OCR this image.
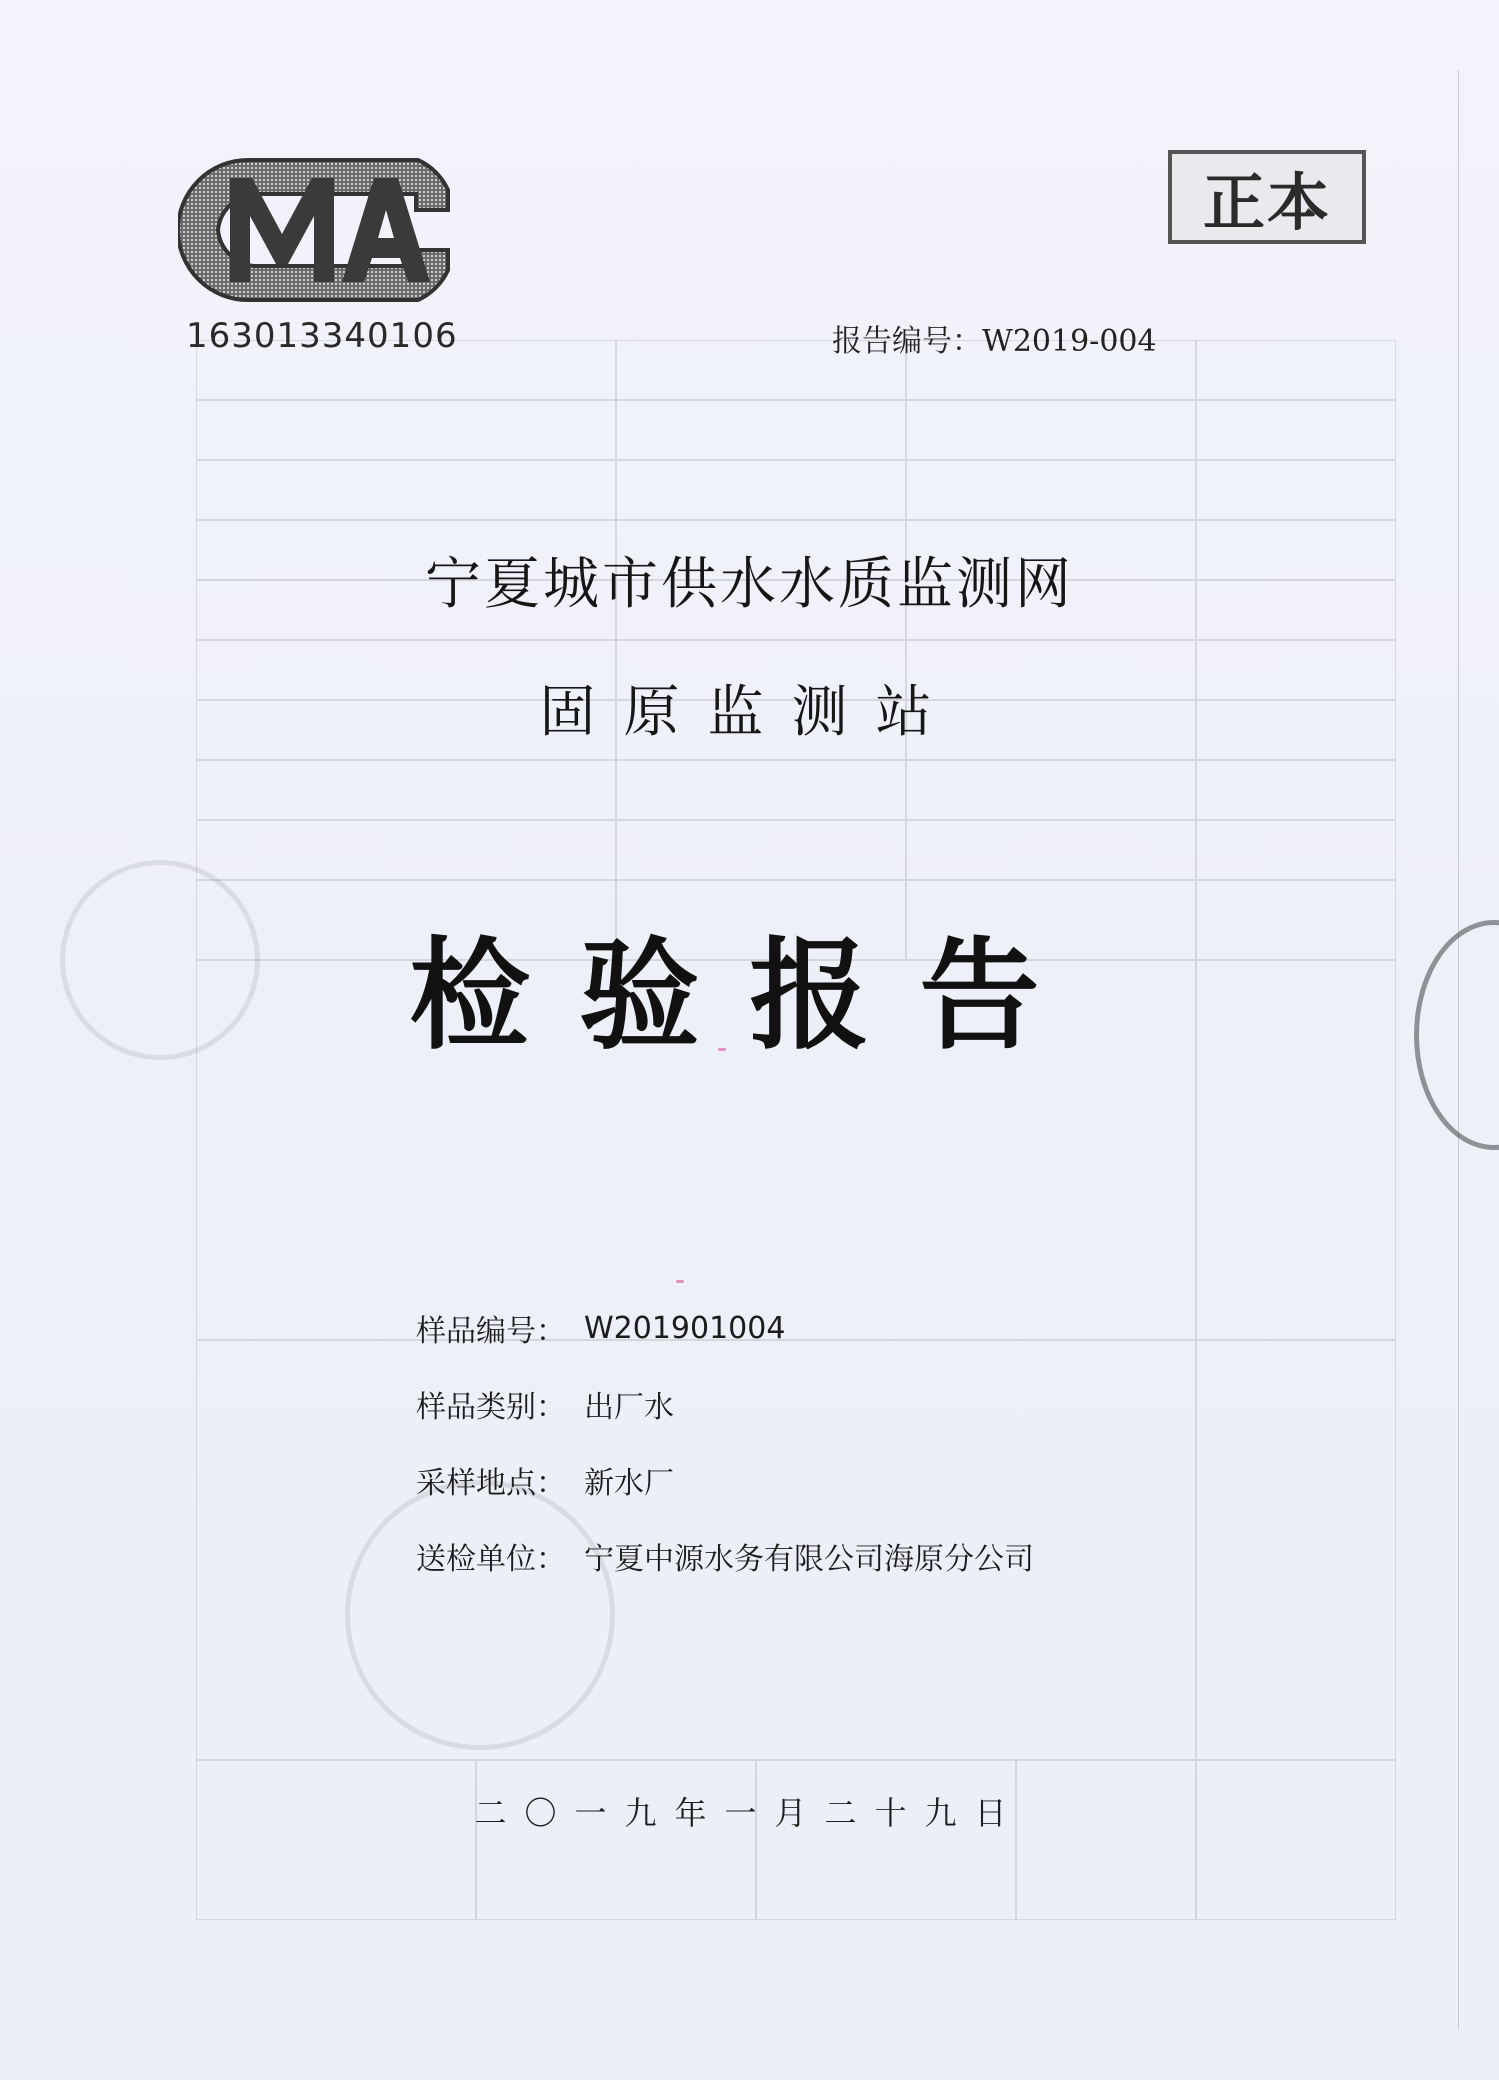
163013340106
正本
报告编号：W2019-004
宁夏城市供水水质监测网
固原监测站
检验报告
样品编号： W201901004
样品类别： 出厂水
采样地点： 新水厂
送检单位： 宁夏中源水务有限公司海原分公司
二〇一九年一月二十九日
